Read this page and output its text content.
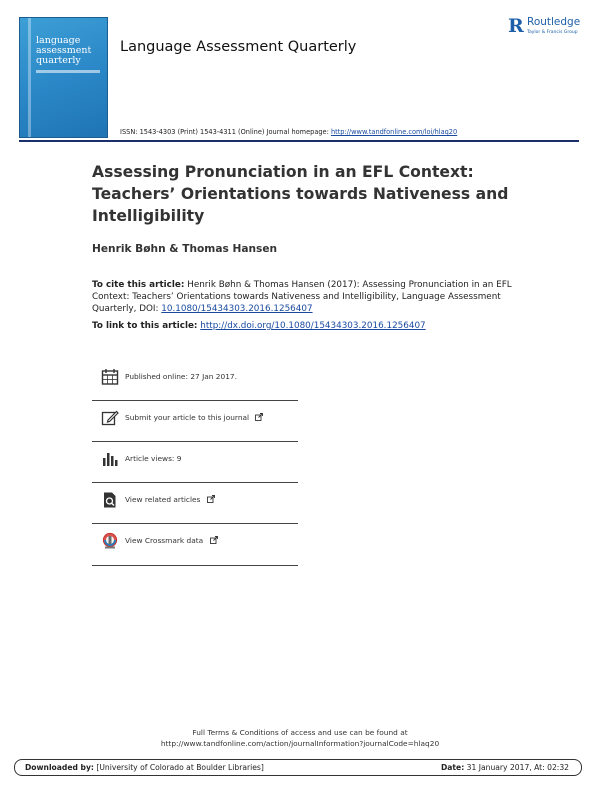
language assessment quarterly
Language Assessment Quarterly
R Routledge
Taylor & Francis Group
ISSN: 1543-4303 (Print) 1543-4311 (Online) Journal homepage: http://www.tandfonline.com/loi/hlaq20
Assessing Pronunciation in an EFL Context: Teachers’ Orientations towards Nativeness and Intelligibility
Henrik Bøhn & Thomas Hansen
To cite this article: Henrik Bøhn & Thomas Hansen (2017): Assessing Pronunciation in an EFL Context: Teachers’ Orientations towards Nativeness and Intelligibility, Language Assessment Quarterly, DOI: 10.1080/15434303.2016.1256407
To link to this article: http://dx.doi.org/10.1080/15434303.2016.1256407
Published online: 27 Jan 2017.
Submit your article to this journal
Article views: 9
View related articles
View Crossmark data
Full Terms & Conditions of access and use can be found at
http://www.tandfonline.com/action/journalInformation?journalCode=hlaq20
Downloaded by: [University of Colorado at Boulder Libraries]	Date: 31 January 2017, At: 02:32
